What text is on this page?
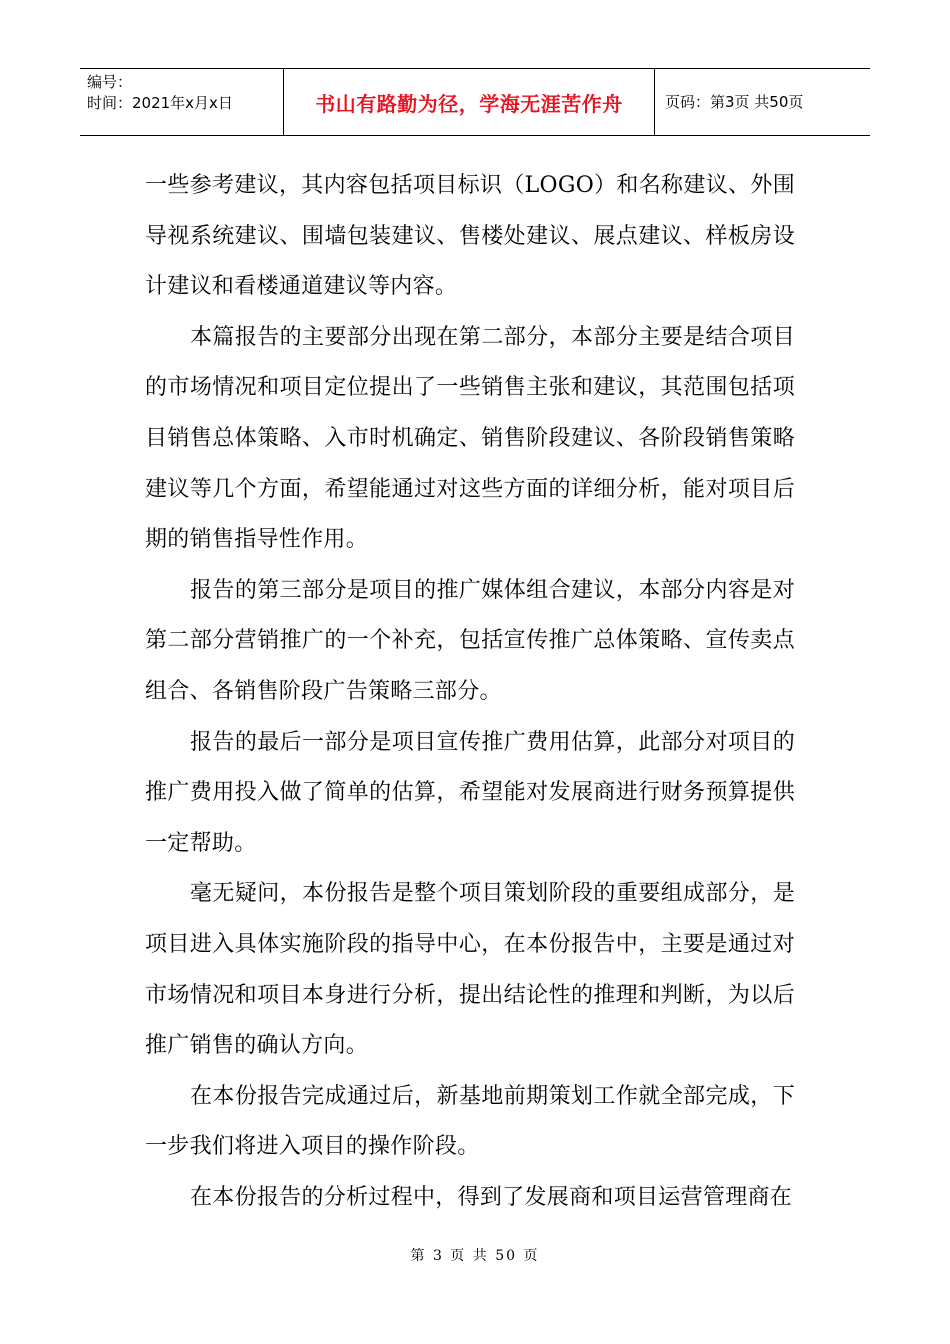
编号：
时间：2021年x月x日	书山有路勤为径，学海无涯苦作舟	页码：第3页 共50页

一些参考建议，其内容包括项目标识（LOGO）和名称建议、外围导视系统建议、围墙包装建议、售楼处建议、展点建议、样板房设计建议和看楼通道建议等内容。

本篇报告的主要部分出现在第二部分，本部分主要是结合项目的市场情况和项目定位提出了一些销售主张和建议，其范围包括项目销售总体策略、入市时机确定、销售阶段建议、各阶段销售策略建议等几个方面，希望能通过对这些方面的详细分析，能对项目后期的销售指导性作用。

报告的第三部分是项目的推广媒体组合建议，本部分内容是对第二部分营销推广的一个补充，包括宣传推广总体策略、宣传卖点组合、各销售阶段广告策略三部分。

报告的最后一部分是项目宣传推广费用估算，此部分对项目的推广费用投入做了简单的估算，希望能对发展商进行财务预算提供一定帮助。

毫无疑问，本份报告是整个项目策划阶段的重要组成部分，是项目进入具体实施阶段的指导中心，在本份报告中，主要是通过对市场情况和项目本身进行分析，提出结论性的推理和判断，为以后推广销售的确认方向。

在本份报告完成通过后，新基地前期策划工作就全部完成，下一步我们将进入项目的操作阶段。

在本份报告的分析过程中，得到了发展商和项目运营管理商在

第 3 页 共 50 页
